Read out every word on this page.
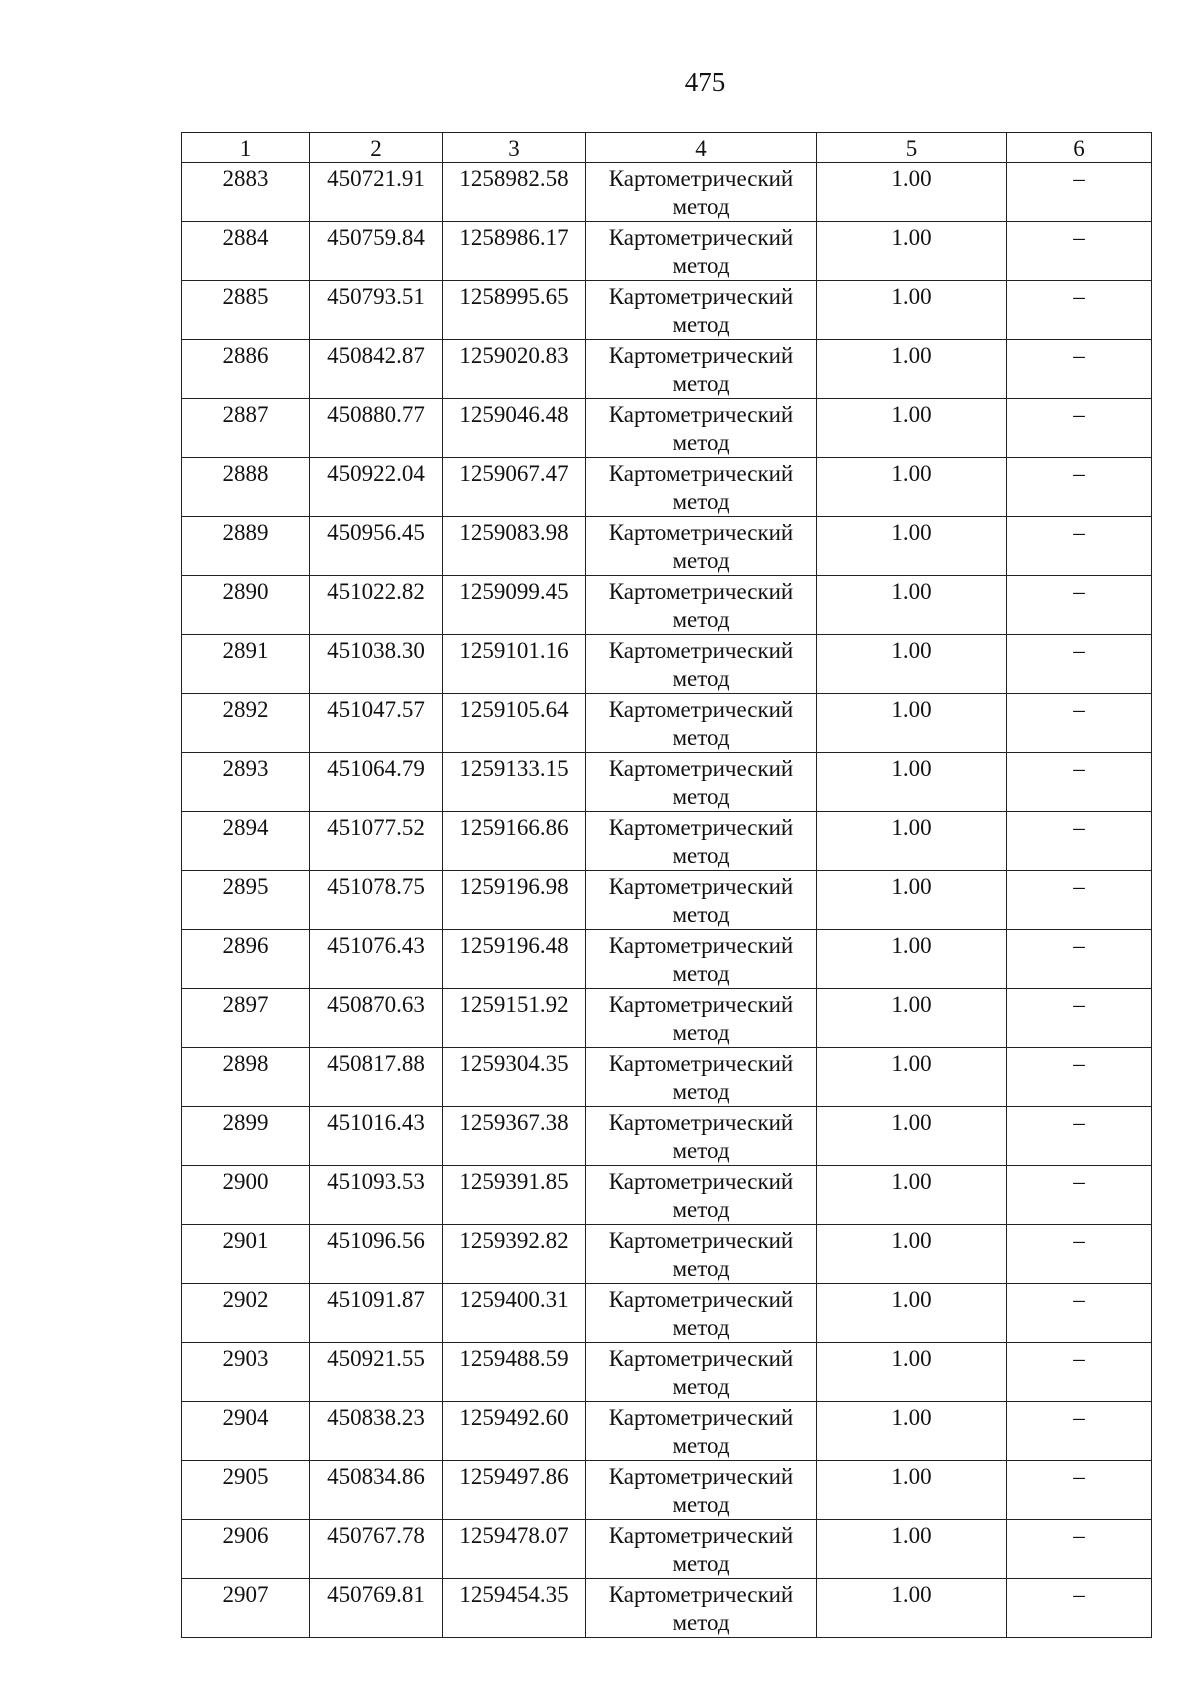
475
1	2	3	4	5	6
2883	450721.91	1258982.58	Картометрический метод	1.00	–
2884	450759.84	1258986.17	Картометрический метод	1.00	–
2885	450793.51	1258995.65	Картометрический метод	1.00	–
2886	450842.87	1259020.83	Картометрический метод	1.00	–
2887	450880.77	1259046.48	Картометрический метод	1.00	–
2888	450922.04	1259067.47	Картометрический метод	1.00	–
2889	450956.45	1259083.98	Картометрический метод	1.00	–
2890	451022.82	1259099.45	Картометрический метод	1.00	–
2891	451038.30	1259101.16	Картометрический метод	1.00	–
2892	451047.57	1259105.64	Картометрический метод	1.00	–
2893	451064.79	1259133.15	Картометрический метод	1.00	–
2894	451077.52	1259166.86	Картометрический метод	1.00	–
2895	451078.75	1259196.98	Картометрический метод	1.00	–
2896	451076.43	1259196.48	Картометрический метод	1.00	–
2897	450870.63	1259151.92	Картометрический метод	1.00	–
2898	450817.88	1259304.35	Картометрический метод	1.00	–
2899	451016.43	1259367.38	Картометрический метод	1.00	–
2900	451093.53	1259391.85	Картометрический метод	1.00	–
2901	451096.56	1259392.82	Картометрический метод	1.00	–
2902	451091.87	1259400.31	Картометрический метод	1.00	–
2903	450921.55	1259488.59	Картометрический метод	1.00	–
2904	450838.23	1259492.60	Картометрический метод	1.00	–
2905	450834.86	1259497.86	Картометрический метод	1.00	–
2906	450767.78	1259478.07	Картометрический метод	1.00	–
2907	450769.81	1259454.35	Картометрический метод	1.00	–
